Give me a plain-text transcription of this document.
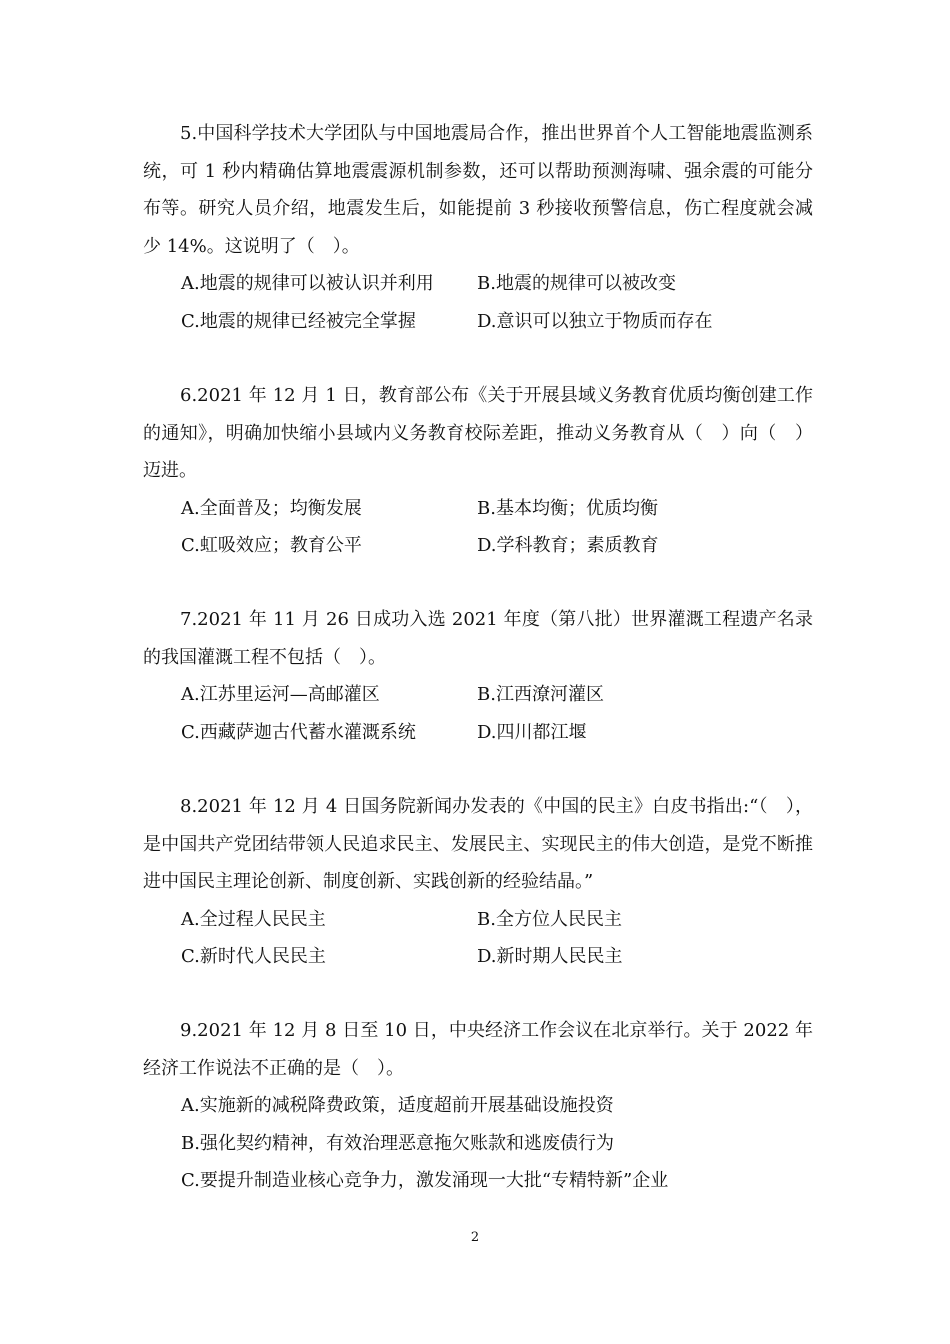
5.中国科学技术大学团队与中国地震局合作，推出世界首个人工智能地震监测系统，可 1 秒内精确估算地震震源机制参数，还可以帮助预测海啸、强余震的可能分布等。研究人员介绍，地震发生后，如能提前 3 秒接收预警信息，伤亡程度就会减少 14%。这说明了（　）。

A.地震的规律可以被认识并利用	B.地震的规律可以被改变
C.地震的规律已经被完全掌握	D.意识可以独立于物质而存在

6.2021 年 12 月 1 日，教育部公布《关于开展县域义务教育优质均衡创建工作的通知》，明确加快缩小县域内义务教育校际差距，推动义务教育从（　）向（　）迈进。

A.全面普及；均衡发展	B.基本均衡；优质均衡
C.虹吸效应；教育公平	D.学科教育；素质教育

7.2021 年 11 月 26 日成功入选 2021 年度（第八批）世界灌溉工程遗产名录的我国灌溉工程不包括（　）。

A.江苏里运河—高邮灌区	B.江西潦河灌区
C.西藏萨迦古代蓄水灌溉系统	D.四川都江堰

8.2021 年 12 月 4 日国务院新闻办发表的《中国的民主》白皮书指出:“（　），是中国共产党团结带领人民追求民主、发展民主、实现民主的伟大创造，是党不断推进中国民主理论创新、制度创新、实践创新的经验结晶。”

A.全过程人民民主	B.全方位人民民主
C.新时代人民民主	D.新时期人民民主

9.2021 年 12 月 8 日至 10 日，中央经济工作会议在北京举行。关于 2022 年经济工作说法不正确的是（　）。

A.实施新的减税降费政策，适度超前开展基础设施投资
B.强化契约精神，有效治理恶意拖欠账款和逃废债行为
C.要提升制造业核心竞争力，激发涌现一大批“专精特新”企业
2
